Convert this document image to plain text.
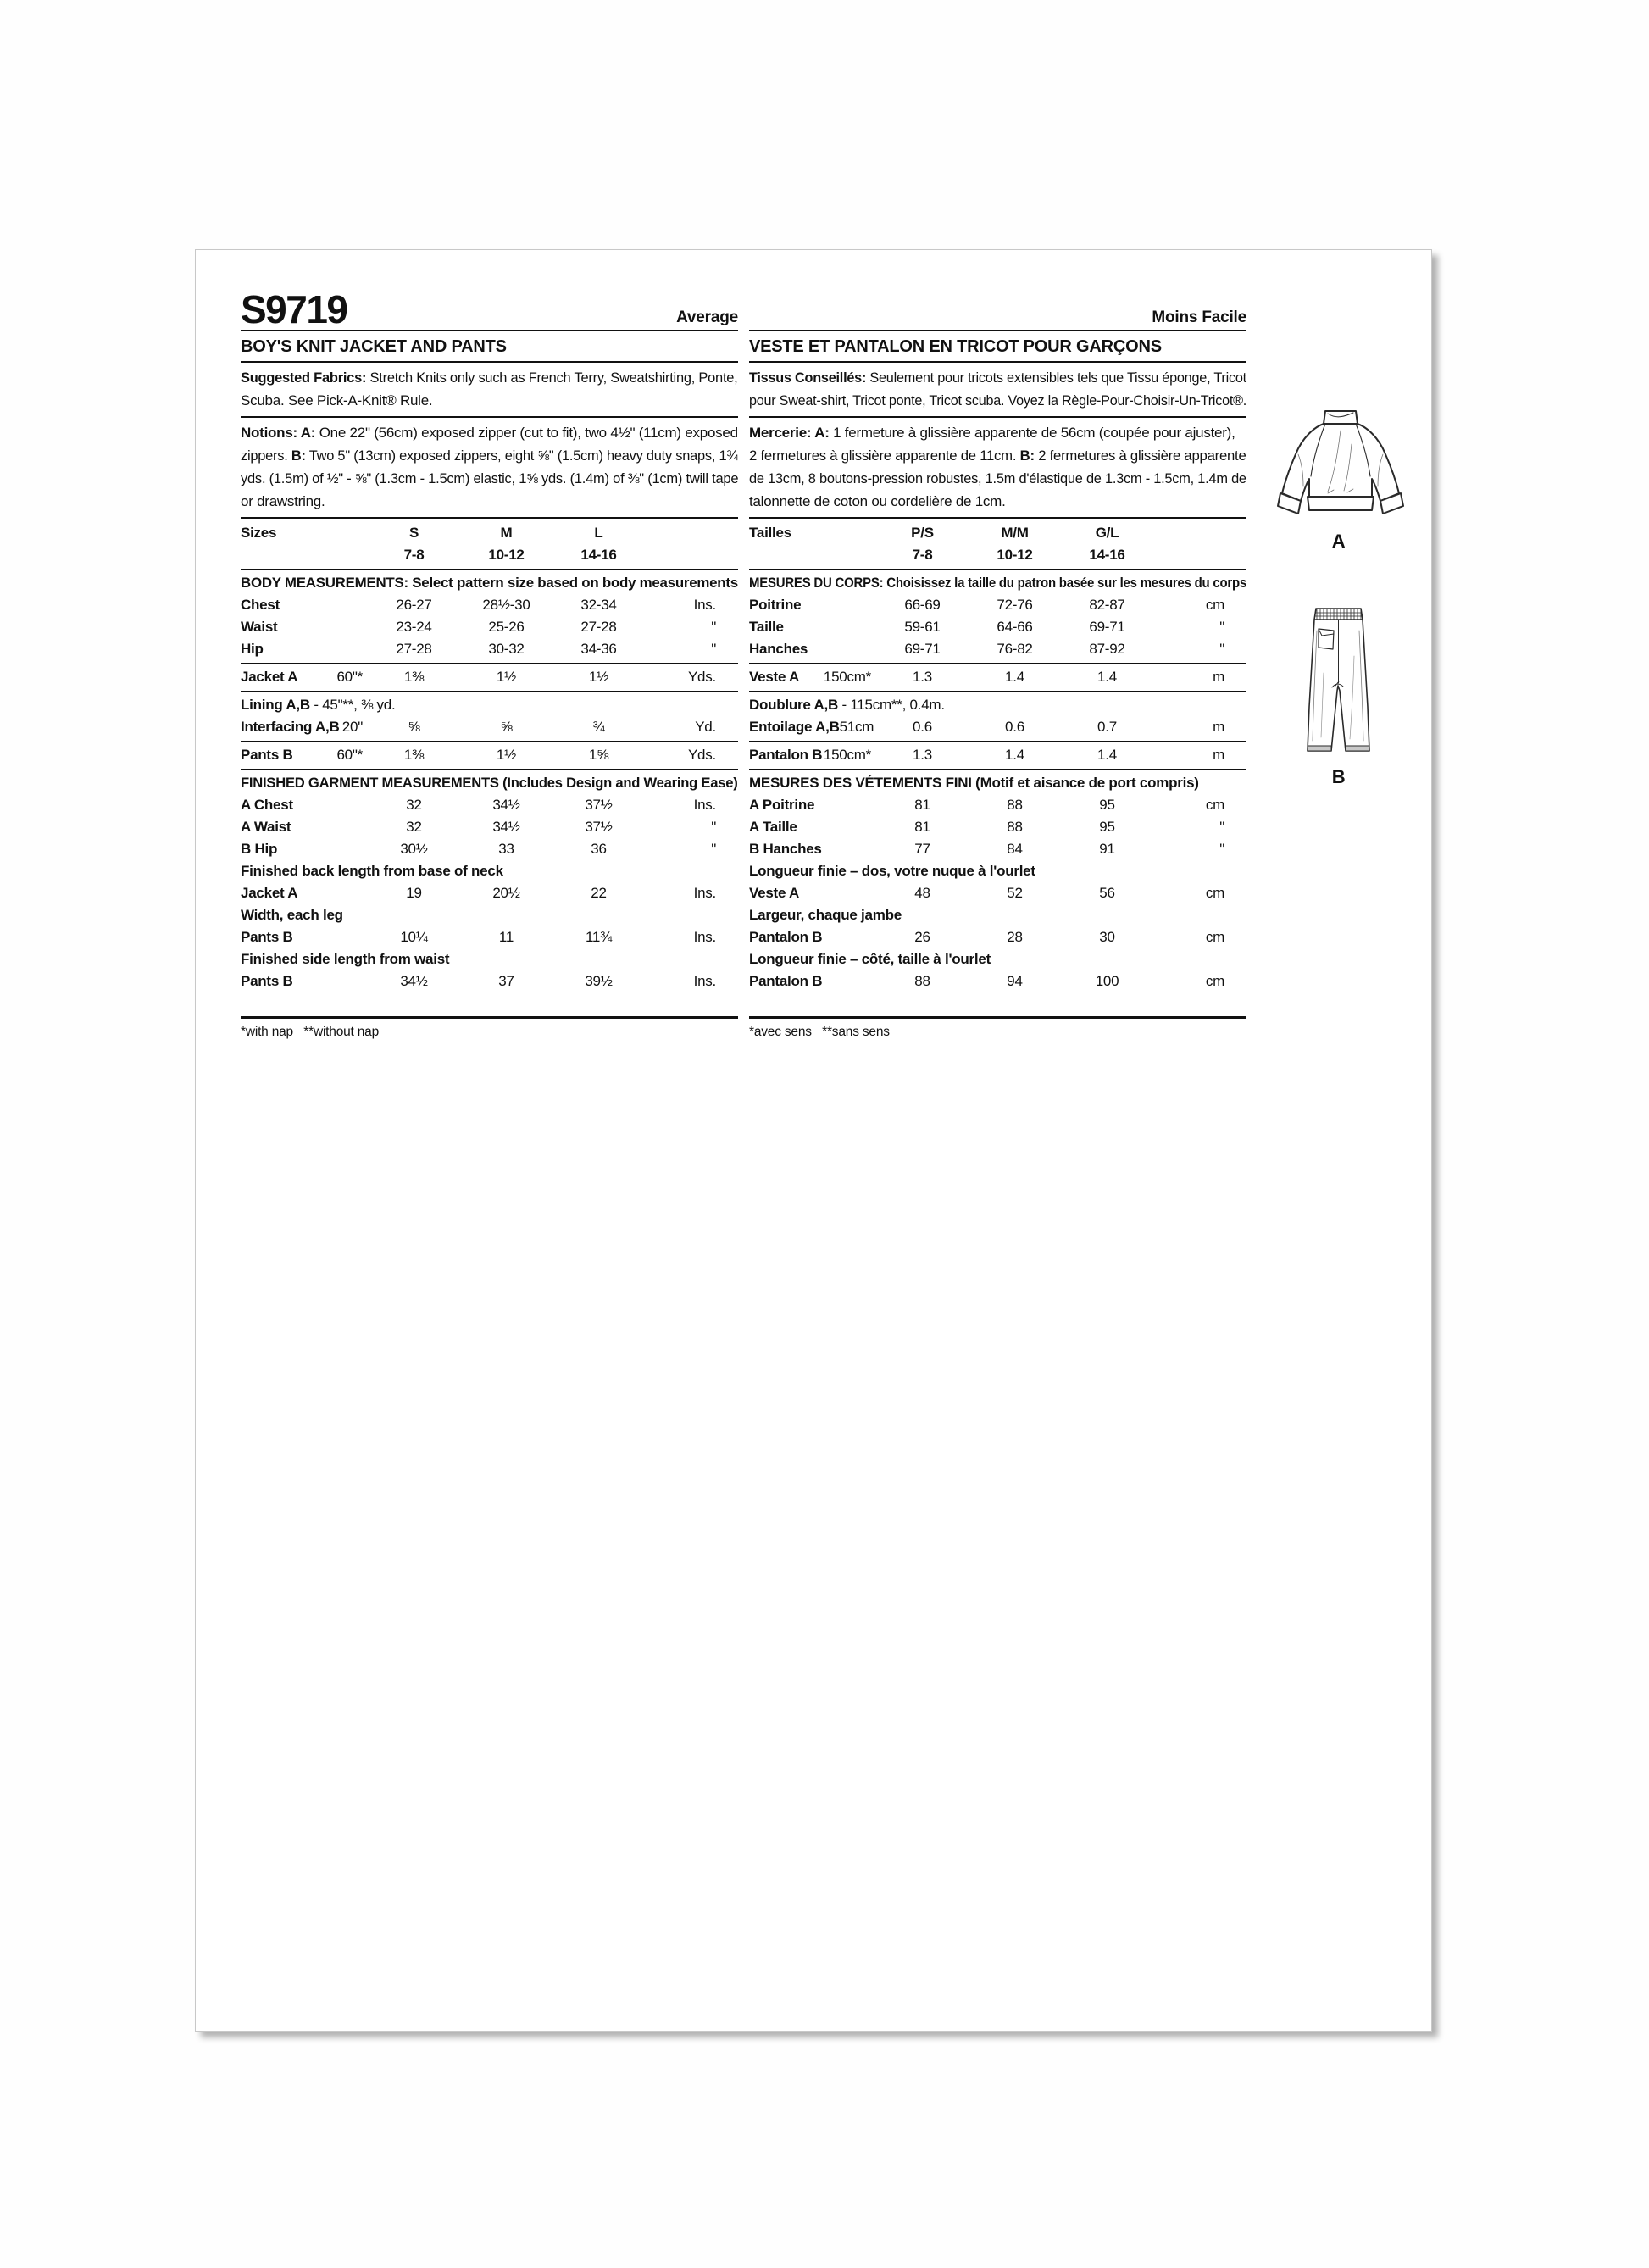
S9719	Average
BOY'S KNIT JACKET AND PANTS
Suggested Fabrics: Stretch Knits only such as French Terry, Sweatshirting, Ponte,
Scuba. See Pick-A-Knit® Rule.
Notions: A: One 22" (56cm) exposed zipper (cut to fit), two 4½" (11cm) exposed
zippers. B: Two 5" (13cm) exposed zippers, eight ⅝" (1.5cm) heavy duty snaps, 1¾
yds. (1.5m) of ½" - ⅝" (1.3cm - 1.5cm) elastic, 1⅝ yds. (1.4m) of ⅜" (1cm) twill tape
or drawstring.
Sizes	S	M	L
7-8	10-12	14-16
BODY MEASUREMENTS: Select pattern size based on body measurements
Chest	26-27	28½-30	32-34	Ins.
Waist	23-24	25-26	27-28	"
Hip	27-28	30-32	34-36	"
Jacket A	60"*	1⅜	1½	1½	Yds.
Lining A,B - 45"**, ⅜ yd.
Interfacing A,B 20"	⅝	⅝	¾	Yd.
Pants B	60"*	1⅜	1½	1⅝	Yds.
FINISHED GARMENT MEASUREMENTS (Includes Design and Wearing Ease)
A Chest	32	34½	37½	Ins.
A Waist	32	34½	37½	"
B Hip	30½	33	36	"
Finished back length from base of neck
Jacket A	19	20½	22	Ins.
Width, each leg
Pants B	10¼	11	11¾	Ins.
Finished side length from waist
Pants B	34½	37	39½	Ins.
*with nap   **without nap
Moins Facile
VESTE ET PANTALON EN TRICOT POUR GARÇONS
Tissus Conseillés: Seulement pour tricots extensibles tels que Tissu éponge, Tricot
pour Sweat-shirt, Tricot ponte, Tricot scuba. Voyez la Règle-Pour-Choisir-Un-Tricot®.
Mercerie: A: 1 fermeture à glissière apparente de 56cm (coupée pour ajuster),
2 fermetures à glissière apparente de 11cm. B: 2 fermetures à glissière apparente
de 13cm, 8 boutons-pression robustes, 1.5m d'élastique de 1.3cm - 1.5cm, 1.4m de
talonnette de coton ou cordelière de 1cm.
Tailles	P/S	M/M	G/L
7-8	10-12	14-16
MESURES DU CORPS: Choisissez la taille du patron basée sur les mesures du corps
Poitrine	66-69	72-76	82-87	cm
Taille	59-61	64-66	69-71	"
Hanches	69-71	76-82	87-92	"
Veste A 150cm*	1.3	1.4	1.4	m
Doublure A,B - 115cm**, 0.4m.
Entoilage A,B 51cm	0.6	0.6	0.7	m
Pantalon B 150cm*	1.3	1.4	1.4	m
MESURES DES VÉTEMENTS FINI (Motif et aisance de port compris)
A Poitrine	81	88	95	cm
A Taille	81	88	95	"
B Hanches	77	84	91	"
Longueur finie – dos, votre nuque à l'ourlet
Veste A	48	52	56	cm
Largeur, chaque jambe
Pantalon B	26	28	30	cm
Longueur finie – côté, taille à l'ourlet
Pantalon B	88	94	100	cm
*avec sens   **sans sens
A
B
